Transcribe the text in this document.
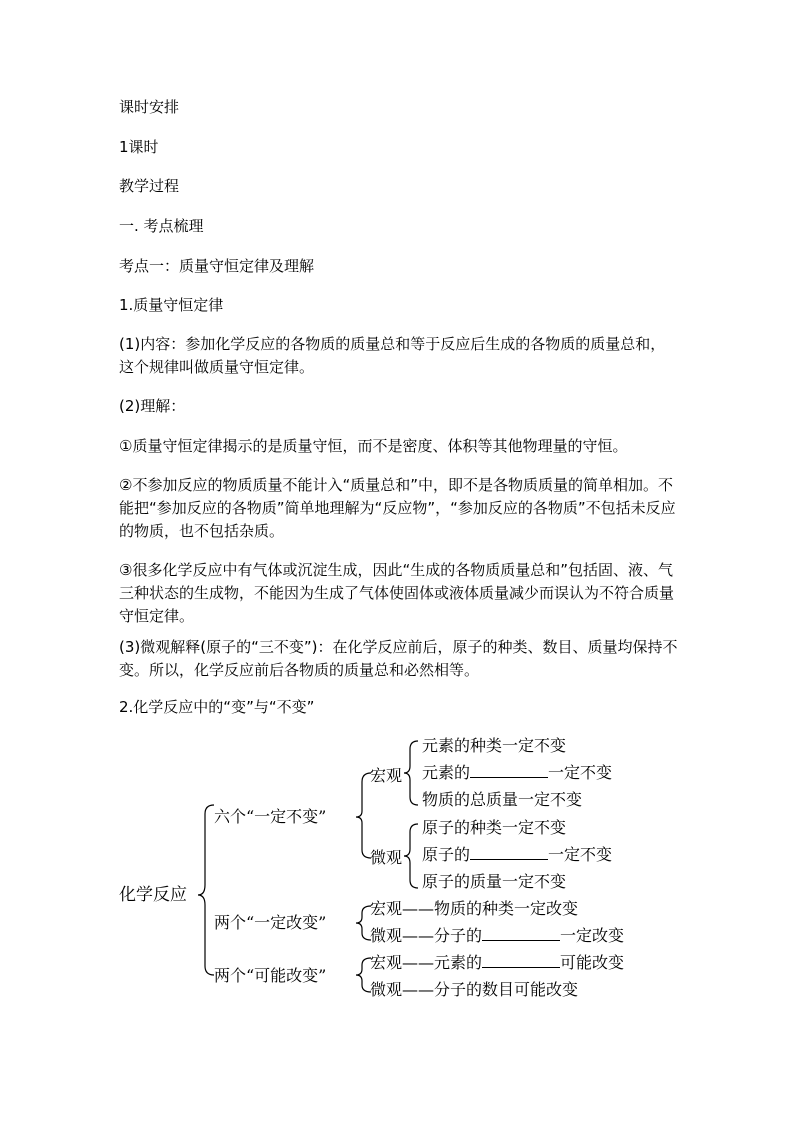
课时安排

1课时

教学过程

一. 考点梳理

考点一：质量守恒定律及理解

1.质量守恒定律

(1)内容：参加化学反应的各物质的质量总和等于反应后生成的各物质的质量总和，这个规律叫做质量守恒定律。

(2)理解：

①质量守恒定律揭示的是质量守恒，而不是密度、体积等其他物理量的守恒。

②不参加反应的物质质量不能计入“质量总和”中，即不是各物质质量的简单相加。不能把“参加反应的各物质”简单地理解为“反应物”，“参加反应的各物质”不包括未反应的物质，也不包括杂质。

③很多化学反应中有气体或沉淀生成，因此“生成的各物质质量总和”包括固、液、气三种状态的生成物，不能因为生成了气体使固体或液体质量减少而误认为不符合质量守恒定律。

(3)微观解释(原子的“三不变”)：在化学反应前后，原子的种类、数目、质量均保持不变。所以，化学反应前后各物质的质量总和必然相等。

2.化学反应中的“变”与“不变”

化学反应
六个“一定不变”
宏观
微观
元素的种类一定不变
元素的	一定不变
物质的总质量一定不变
原子的种类一定不变
原子的	一定不变
原子的质量一定不变
两个“一定改变”
宏观——物质的种类一定改变
微观——分子的	一定改变
两个“可能改变”
宏观——元素的	可能改变
微观——分子的数目可能改变
